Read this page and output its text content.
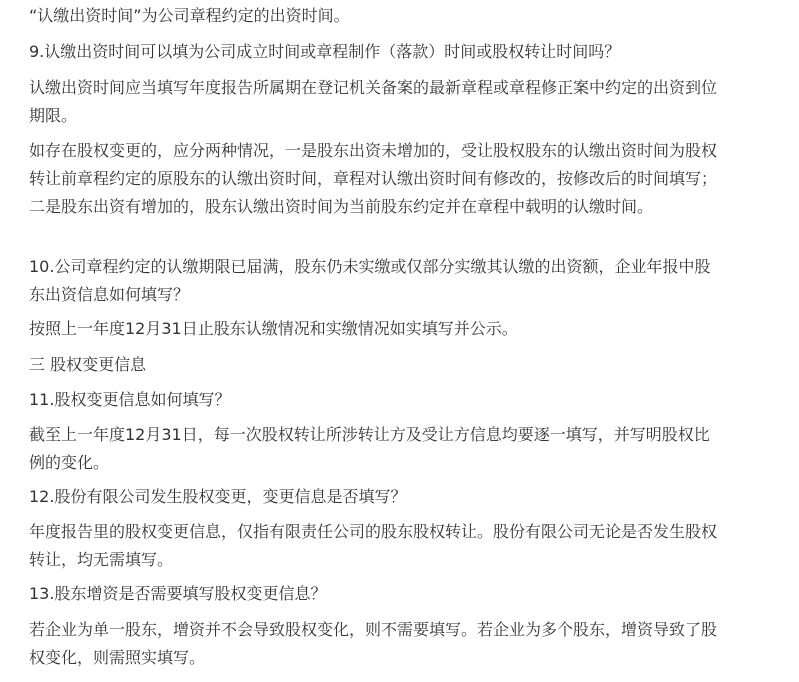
“认缴出资时间”为公司章程约定的出资时间。

9.认缴出资时间可以填为公司成立时间或章程制作（落款）时间或股权转让时间吗？

认缴出资时间应当填写年度报告所属期在登记机关备案的最新章程或章程修正案中约定的出资到位期限。

如存在股权变更的，应分两种情况，一是股东出资未增加的，受让股权股东的认缴出资时间为股权转让前章程约定的原股东的认缴出资时间，章程对认缴出资时间有修改的，按修改后的时间填写；二是股东出资有增加的，股东认缴出资时间为当前股东约定并在章程中载明的认缴时间。

10.公司章程约定的认缴期限已届满，股东仍未实缴或仅部分实缴其认缴的出资额，企业年报中股东出资信息如何填写？

按照上一年度12月31日止股东认缴情况和实缴情况如实填写并公示。

三 股权变更信息

11.股权变更信息如何填写？

截至上一年度12月31日，每一次股权转让所涉转让方及受让方信息均要逐一填写，并写明股权比例的变化。

12.股份有限公司发生股权变更，变更信息是否填写？

年度报告里的股权变更信息，仅指有限责任公司的股东股权转让。股份有限公司无论是否发生股权转让，均无需填写。

13.股东增资是否需要填写股权变更信息？

若企业为单一股东，增资并不会导致股权变化，则不需要填写。若企业为多个股东，增资导致了股权变化，则需照实填写。
